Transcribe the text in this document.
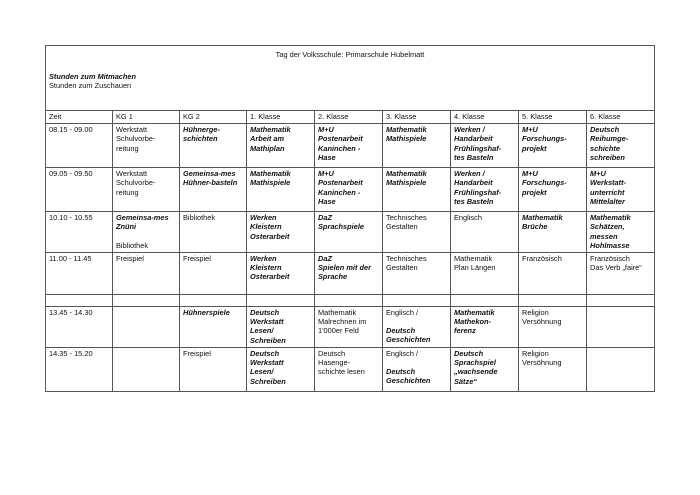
Tag der Volksschule: Primarschule Hubelmatt								

Stunden zum Mitmachen
Stunden zum Zuschauen								

Zeit	KG 1	KG 2	1. Klasse	2. Klasse	3. Klasse	4. Klasse	5. Klasse	6. Klasse

08.15 - 09.00	Werkstatt
Schulvorbe-
reitung	Hühnerge-
schichten	Mathematik
Arbeit am
Mathiplan	M+U
Postenarbeit
Kaninchen -
Hase	Mathematik
Mathispiele	Werken /
Handarbeit
Frühlingshaf-
tes Basteln	M+U
Forschungs-
projekt	Deutsch
Reihumge-
schichte
schreiben

09.05 - 09.50	Werkstatt
Schulvorbe-
reitung	Gemeinsa-mes
Hühner-basteln	Mathematik
Mathispiele	M+U
Postenarbeit
Kaninchen -
Hase	Mathematik
Mathispiele	Werken /
Handarbeit
Frühlingshaf-
tes Basteln	M+U
Forschungs-
projekt	M+U
Werkstatt-
unterricht
Mittelalter

10.10 - 10.55	Gemeinsa-mes
Znüni
Bibliothek	Bibliothek	Werken
Kleistern
Osterarbeit	DaZ
Sprachspiele	Technisches
Gestalten	Englisch	Mathematik
Brüche	Mathematik
Schätzen,
messen
Hohlmasse

11.00 - 11.45	Freispiel	Freispiel	Werken
Kleistern
Osterarbeit	DaZ
Spielen mit der
Sprache	Technisches
Gestalten	Mathematik
Plan Längen	Französisch	Französisch
Das Verb „faire“

13.45 - 14.30		Hühnerspiele	Deutsch
Werkstatt
Lesen/
Schreiben	Mathematik
Malrechnen im
1'000er Feld	Englisch /
Deutsch
Geschichten	Mathematik
Mathekon-
ferenz	Religion
Versöhnung	

14.35 - 15.20		Freispiel	Deutsch
Werkstatt
Lesen/
Schreiben	Deutsch
Hasenge-
schichte lesen	Englisch /
Deutsch
Geschichten	Deutsch
Sprachspiel
„wachsende
Sätze“	Religion
Versöhnung	
